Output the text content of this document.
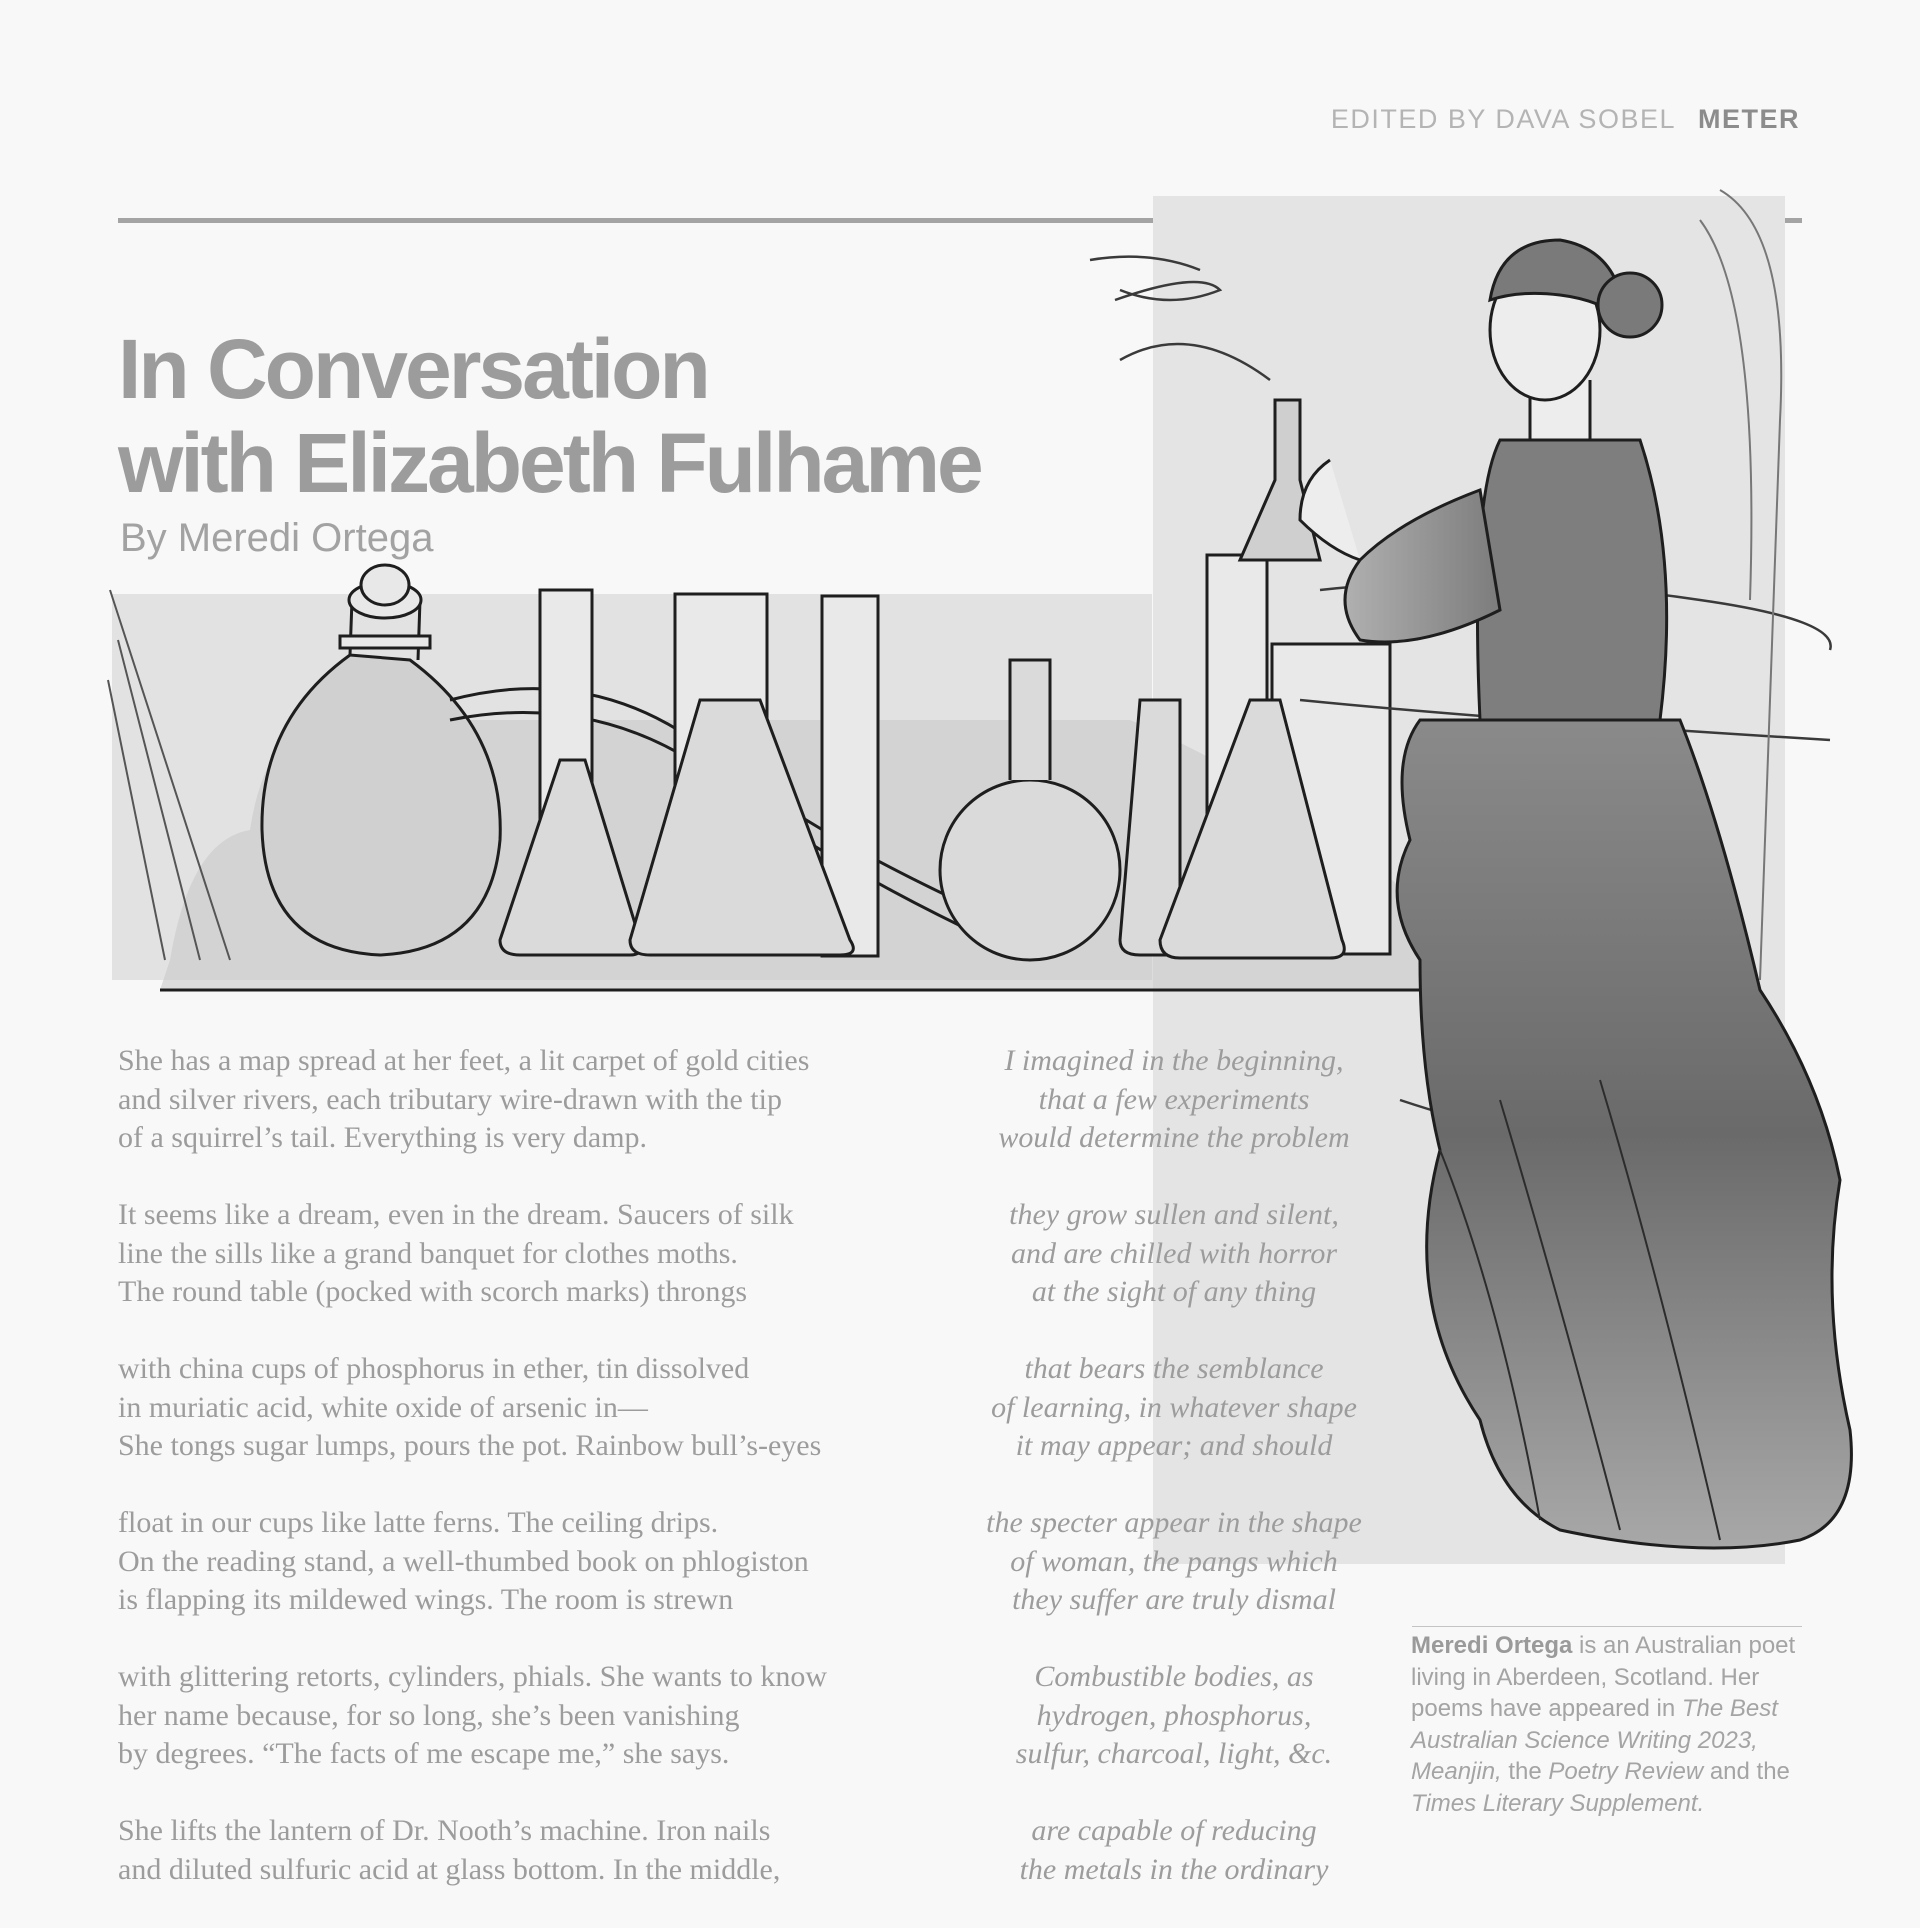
EDITED BY DAVA SOBEL METER
In Conversation
with Elizabeth Fulhame
By Meredi Ortega
She has a map spread at her feet, a lit carpet of gold cities
and silver rivers, each tributary wire-drawn with the tip
of a squirrel’s tail. Everything is very damp.
It seems like a dream, even in the dream. Saucers of silk
line the sills like a grand banquet for clothes moths.
The round table (pocked with scorch marks) throngs
with china cups of phosphorus in ether, tin dissolved
in muriatic acid, white oxide of arsenic in—
She tongs sugar lumps, pours the pot. Rainbow bull’s-eyes
float in our cups like latte ferns. The ceiling drips.
On the reading stand, a well-thumbed book on phlogiston
is flapping its mildewed wings. The room is strewn
with glittering retorts, cylinders, phials. She wants to know
her name because, for so long, she’s been vanishing
by degrees. “The facts of me escape me,” she says.
She lifts the lantern of Dr. Nooth’s machine. Iron nails
and diluted sulfuric acid at glass bottom. In the middle,
I imagined in the beginning,
that a few experiments
would determine the problem
they grow sullen and silent,
and are chilled with horror
at the sight of any thing
that bears the semblance
of learning, in whatever shape
it may appear; and should
the specter appear in the shape
of woman, the pangs which
they suffer are truly dismal
Combustible bodies, as
hydrogen, phosphorus,
sulfur, charcoal, light, &c.
are capable of reducing
the metals in the ordinary
Meredi Ortega is an Australian poet living in Aberdeen, Scotland. Her poems have appeared in The Best Australian Science Writing 2023, Meanjin, the Poetry Review and the Times Literary Supplement.
